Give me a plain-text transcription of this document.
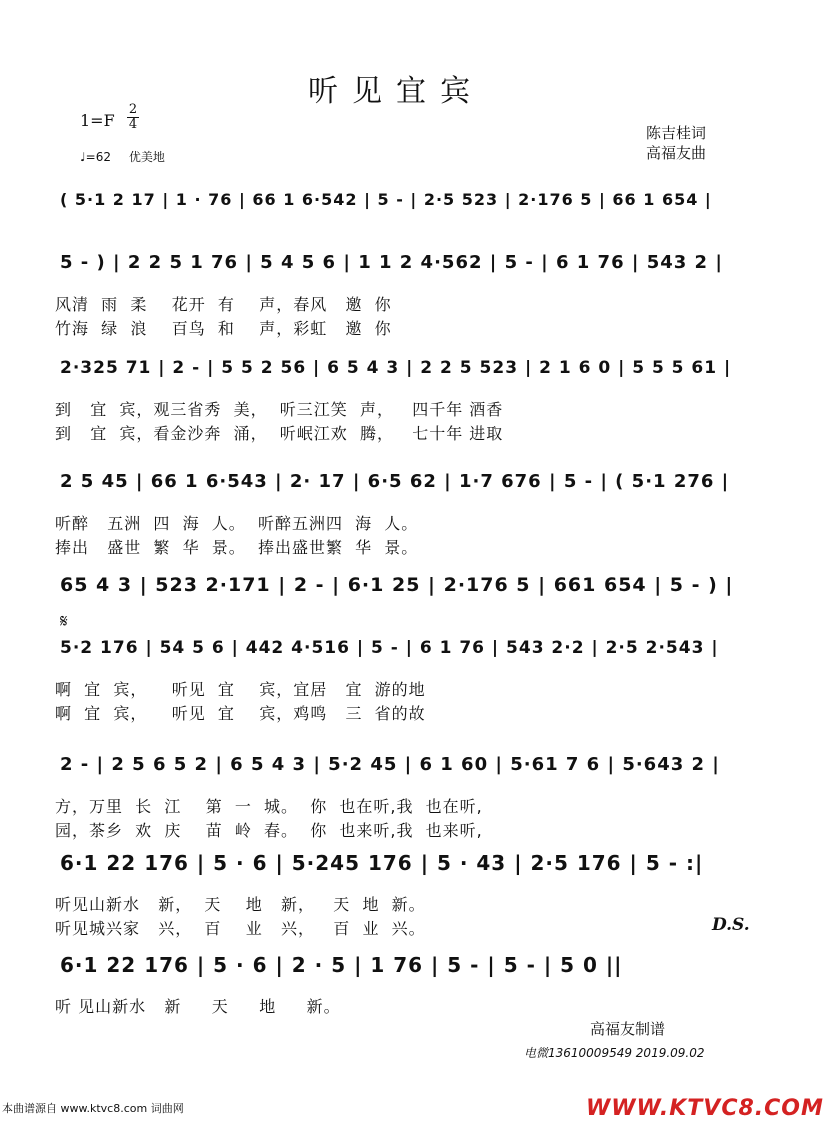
听见宜宾
1=F
2
4
♩=62 优美地
陈吉桂词
高福友曲
( 5·1 2 17 | 1 · 76 | 66 1 6·542 | 5 - | 2·5 523 | 2·176 5 | 66 1 654 |
5 - ) | 2 2 5 1 76 | 5 4 5 6 | 1 1 2 4·562 | 5 - | 6 1 76 | 543 2 |
风清  雨  柔    花开  有    声，春风   邀  你
竹海  绿  浪    百鸟  和    声，彩虹   邀  你
2·325 71 | 2 - | 5 5 2 56 | 6 5 4 3 | 2 2 5 523 | 2 1 6 0 | 5 5 5 61 |
到   宜  宾，观三省秀  美，  听三江笑  声，   四千年 酒香
到   宜  宾，看金沙奔  涌，  听岷江欢  腾，   七十年 进取
2 5 45 | 66 1 6·543 | 2· 17 | 6·5 62 | 1·7 676 | 5 - | ( 5·1 276 |
听醉   五洲  四  海  人。  听醉五洲四  海  人。
捧出   盛世  繁  华  景。  捧出盛世繁  华  景。
65 4 3 | 523 2·171 | 2 - | 6·1 25 | 2·176 5 | 661 654 | 5 - ) |
5·2 176 | 54 5 6 | 442 4·516 | 5 - | 6 1 76 | 543 2·2 | 2·5 2·543 |
啊  宜  宾，    听见  宜    宾，宜居   宜  游的地
啊  宜  宾，    听见  宜    宾，鸡鸣   三  省的故
2 - | 2 5 6 5 2 | 6 5 4 3 | 5·2 45 | 6 1 60 | 5·61 7 6 | 5·643 2 |
方，万里  长  江    第  一  城。  你  也在听,我  也在听,
园，茶乡  欢  庆    苗  岭  春。  你  也来听,我  也来听,
6·1 22 176 | 5 · 6 | 5·245 176 | 5 · 43 | 2·5 176 | 5 - :|
听见山新水   新，  天    地   新，   天  地  新。
听见城兴家   兴，  百    业   兴，   百  业  兴。
6·1 22 176 | 5 · 6 | 2 · 5 | 1 76 | 5 - | 5 - | 5 0 ||
听 见山新水   新     天     地     新。
𝄋
D.S.
高福友制谱
电微13610009549 2019.09.02
本曲谱源自 www.ktvc8.com 词曲网	WWW.KTVC8.COM
